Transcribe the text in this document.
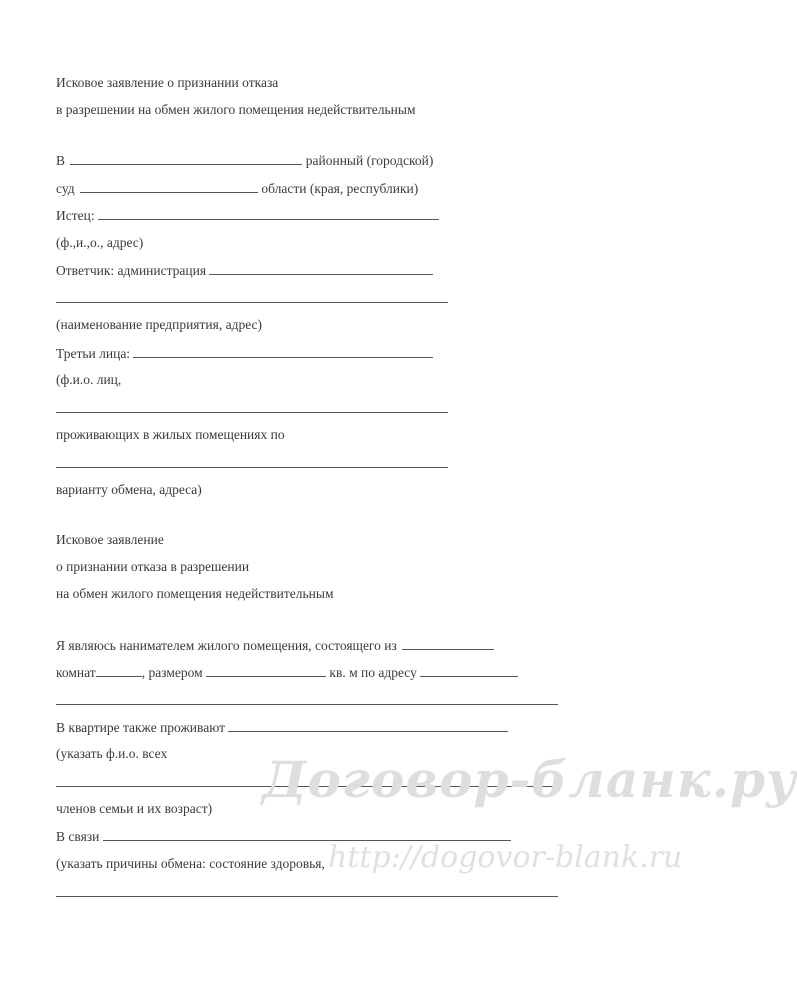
Исковое заявление о признании отказа
в разрешении на обмен жилого помещения недействительным
В	районный (городской)
суд	области (края, республики)
Истец:
(ф.,и.,о., адрес)
Ответчик: администрация
(наименование предприятия, адрес)
Третьи лица:
(ф.и.о. лиц,
проживающих в жилых помещениях по
варианту обмена, адреса)
Исковое заявление
о признании отказа в разрешении
на обмен жилого помещения недействительным
Я являюсь нанимателем жилого помещения, состоящего из
комнат	, размером	кв. м по адресу
В квартире также проживают
(указать ф.и.о. всех
членов семьи и их возраст)
В связи
(указать причины обмена: состояние здоровья,
Договор-бланк.ру
http://dogovor-blank.ru
